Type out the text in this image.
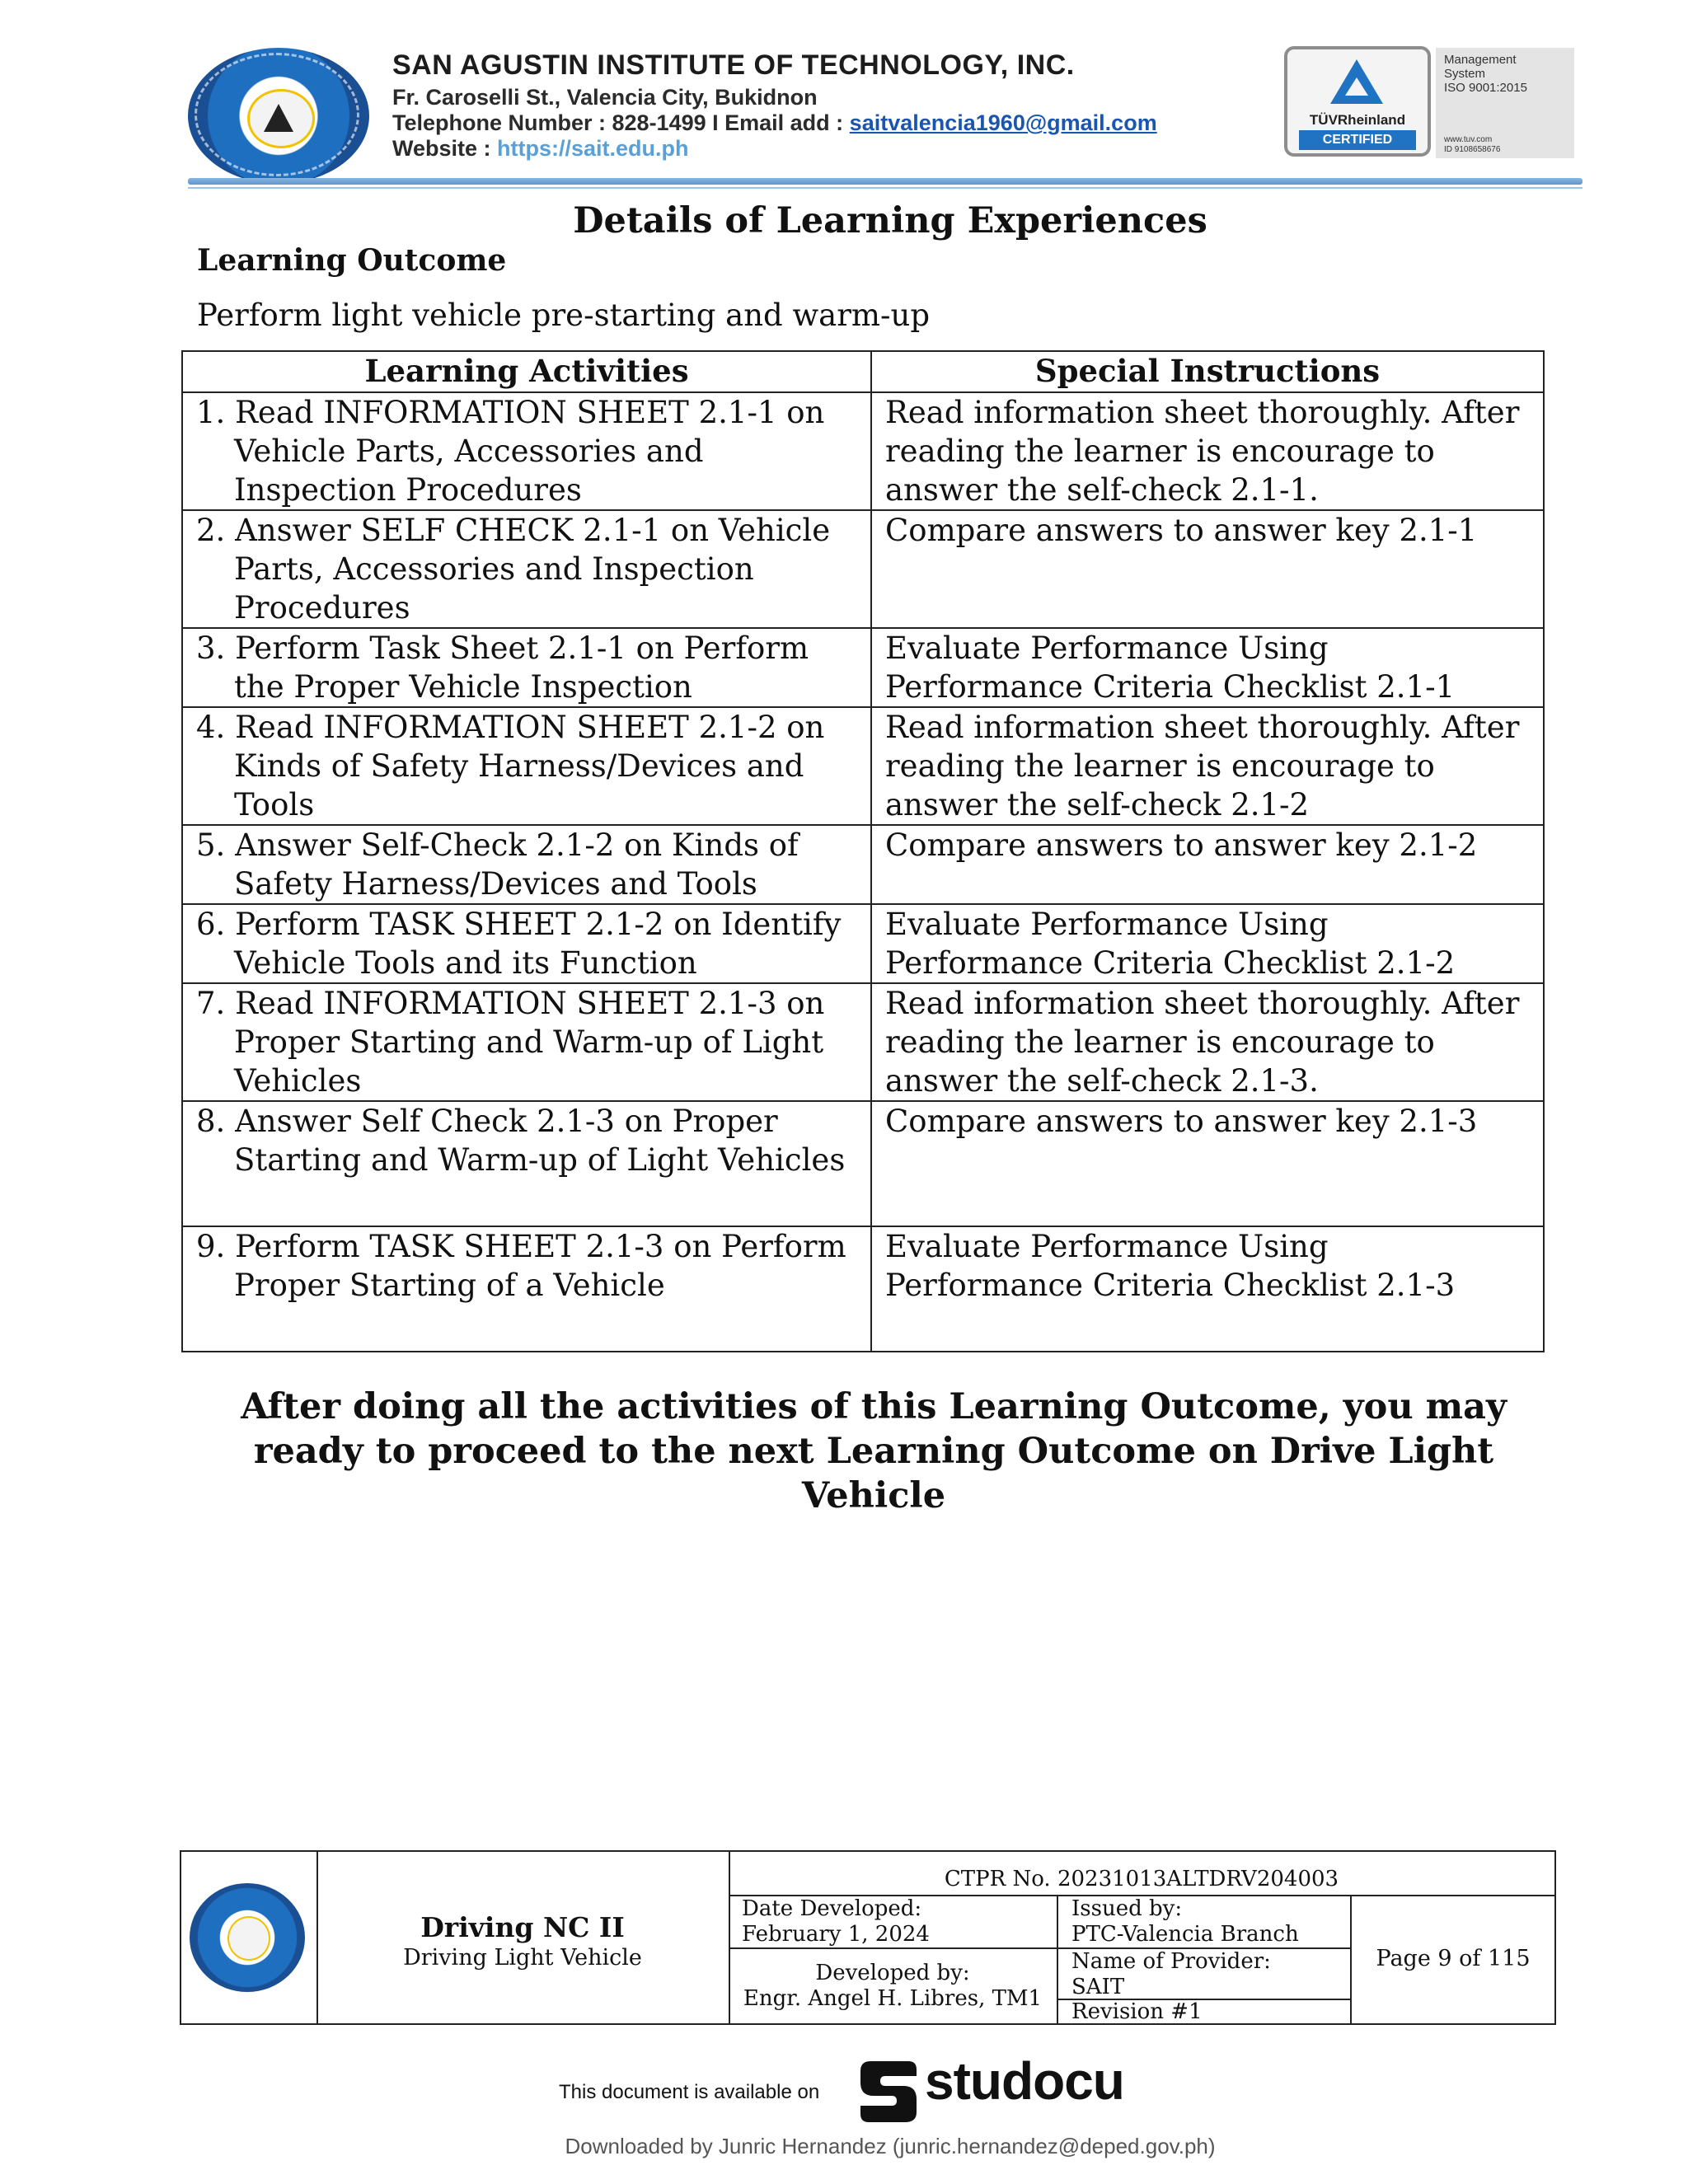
SAN AGUSTIN INSTITUTE OF TECHNOLOGY, INC.
Fr. Caroselli St., Valencia City, Bukidnon
Telephone Number : 828-1499 I Email add : saitvalencia1960@gmail.com
Website : https://sait.edu.ph
TÜVRheinland
CERTIFIED
Management
System
ISO 9001:2015
www.tuv.com
ID 9108658676
Details of Learning Experiences
Learning Outcome
Perform light vehicle pre-starting and warm-up
Learning Activities	Special Instructions

1. Read INFORMATION SHEET 2.1-1 on Vehicle Parts, Accessories and Inspection Procedures	Read information sheet thoroughly. After reading the learner is encourage to answer the self-check 2.1-1.

2. Answer SELF CHECK 2.1-1 on Vehicle Parts, Accessories and Inspection Procedures	Compare answers to answer key 2.1-1

3. Perform Task Sheet 2.1-1 on Perform the Proper Vehicle Inspection	Evaluate Performance Using Performance Criteria Checklist 2.1-1

4. Read INFORMATION SHEET 2.1-2 on Kinds of Safety Harness/Devices and Tools	Read information sheet thoroughly. After reading the learner is encourage to answer the self-check 2.1-2

5. Answer Self-Check 2.1-2 on Kinds of Safety Harness/Devices and Tools	Compare answers to answer key 2.1-2

6. Perform TASK SHEET 2.1-2 on Identify Vehicle Tools and its Function	Evaluate Performance Using Performance Criteria Checklist 2.1-2

7. Read INFORMATION SHEET 2.1-3 on Proper Starting and Warm-up of Light Vehicles	Read information sheet thoroughly. After reading the learner is encourage to answer the self-check 2.1-3.

8. Answer Self Check 2.1-3 on Proper Starting and Warm-up of Light Vehicles	Compare answers to answer key 2.1-3

9. Perform TASK SHEET 2.1-3 on Perform Proper Starting of a Vehicle	Evaluate Performance Using Performance Criteria Checklist 2.1-3
After doing all the activities of this Learning Outcome, you may ready to proceed to the next Learning Outcome on Drive Light Vehicle
Driving NC II
Driving Light Vehicle
CTPR No. 20231013ALTDRV204003
Date Developed:
February 1, 2024
Developed by:
Engr. Angel H. Libres, TM1
Issued by:
PTC-Valencia Branch
Name of Provider:
SAIT
Revision #1
Page 9 of 115
This document is available on studocu
Downloaded by Junric Hernandez (junric.hernandez@deped.gov.ph)
